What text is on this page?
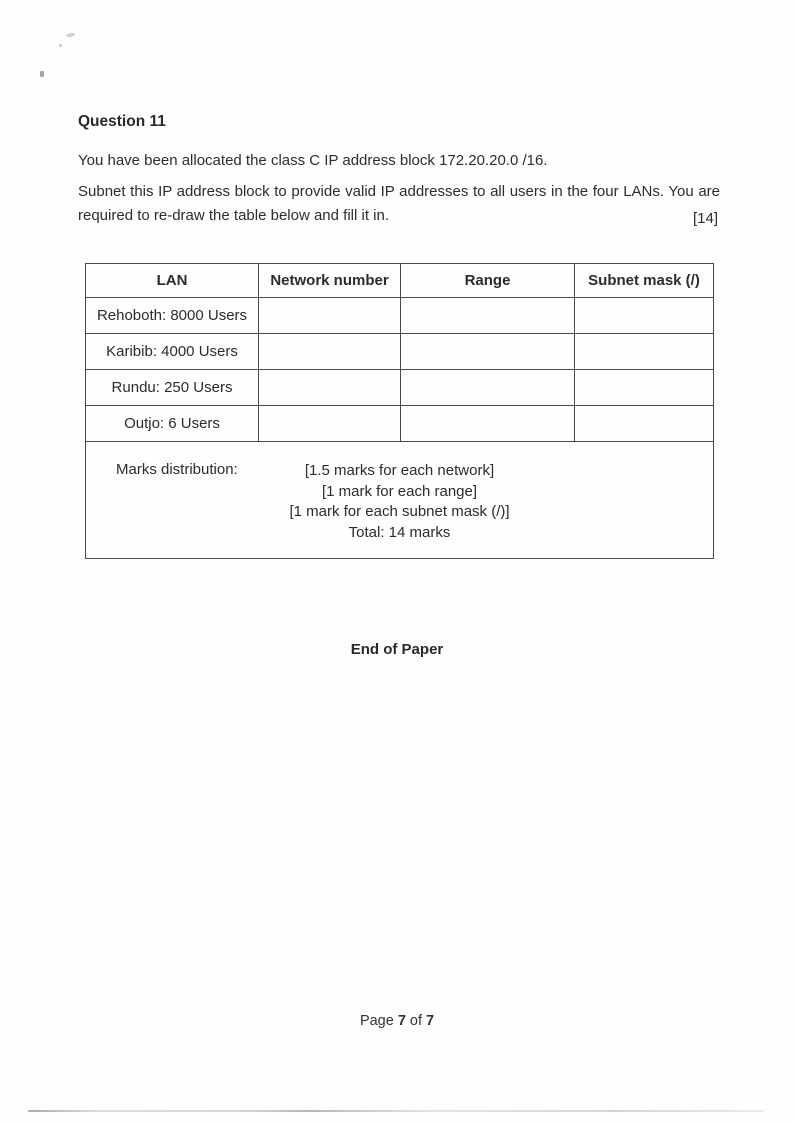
Question 11
You have been allocated the class C IP address block 172.20.20.0 /16.
Subnet this IP address block to provide valid IP addresses to all users in the four LANs. You are required to re-draw the table below and fill it in.	[14]
LAN	Network number	Range	Subnet mask (/)
Rehoboth: 8000 Users			
Karibib: 4000 Users			
Rundu: 250 Users			
Outjo: 6 Users			

Marks distribution: [1.5 marks for each network]
[1 mark for each range]
[1 mark for each subnet mask (/)]
Total: 14 marks			
End of Paper
Page 7 of 7
